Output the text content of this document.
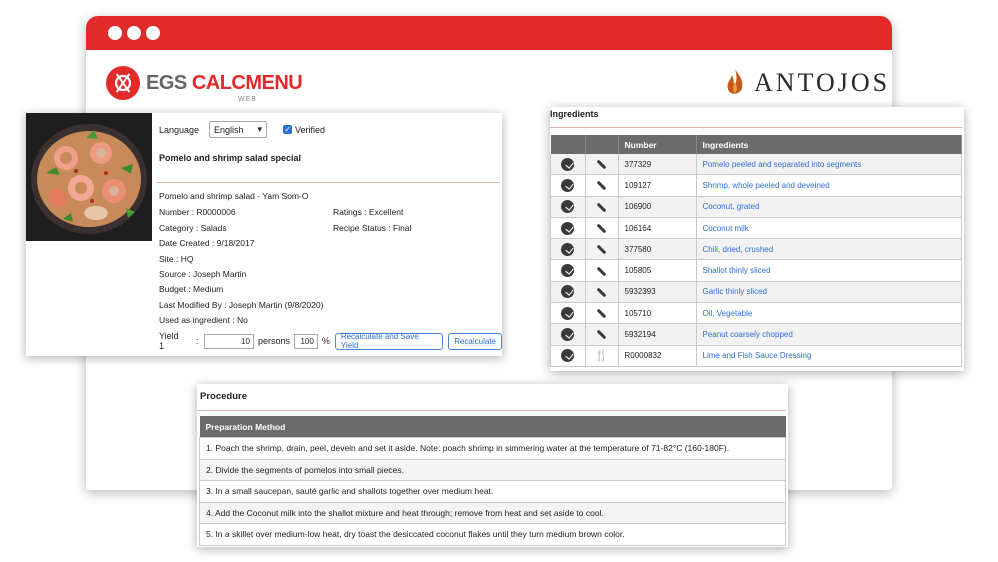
EGS CALCMENU
WEB
ANTOJOS
Language English ▾	✓ Verified
Pomelo and shrimp salad special
Pomelo and shrimp salad - Yam Som-O
Number : R0000006	Ratings : Excellent
Category : Salads	Recipe Status : Final
Date Created : 9/18/2017
Site : HQ
Source : Joseph Martin
Budget : Medium
Last Modified By : Joseph Martin (9/8/2020)
Used as ingredient : No
Yield 1	:	10 persons	100 %	Recalculate and Save Yield	Recalculate
Ingredients
		Number	Ingredients
		377329	Pomelo peeled and separated into segments
		109127	Shrimp, whole peeled and deveined
		106900	Coconut, grated
		106164	Coconut milk
		377580	Chili, dried, crushed
		105805	Shallot thinly sliced
		5932393	Garlic thinly sliced
		105710	Oil, Vegetable
		5932194	Peanut coarsely chopped
	🍴	R0000832	Lime and Fish Sauce Dressing
Procedure
Preparation Method
1. Poach the shrimp, drain, peel, devein and set it aside. Note: poach shrimp in simmering water at the temperature of 71-82°C (160-180F).
2. Divide the segments of pomelos into small pieces.
3. In a small saucepan, sauté garlic and shallots together over medium heat.
4. Add the Coconut milk into the shallot mixture and heat through; remove from heat and set aside to cool.
5. In a skillet over medium-low heat, dry toast the desiccated coconut flakes until they turn medium brown color.
